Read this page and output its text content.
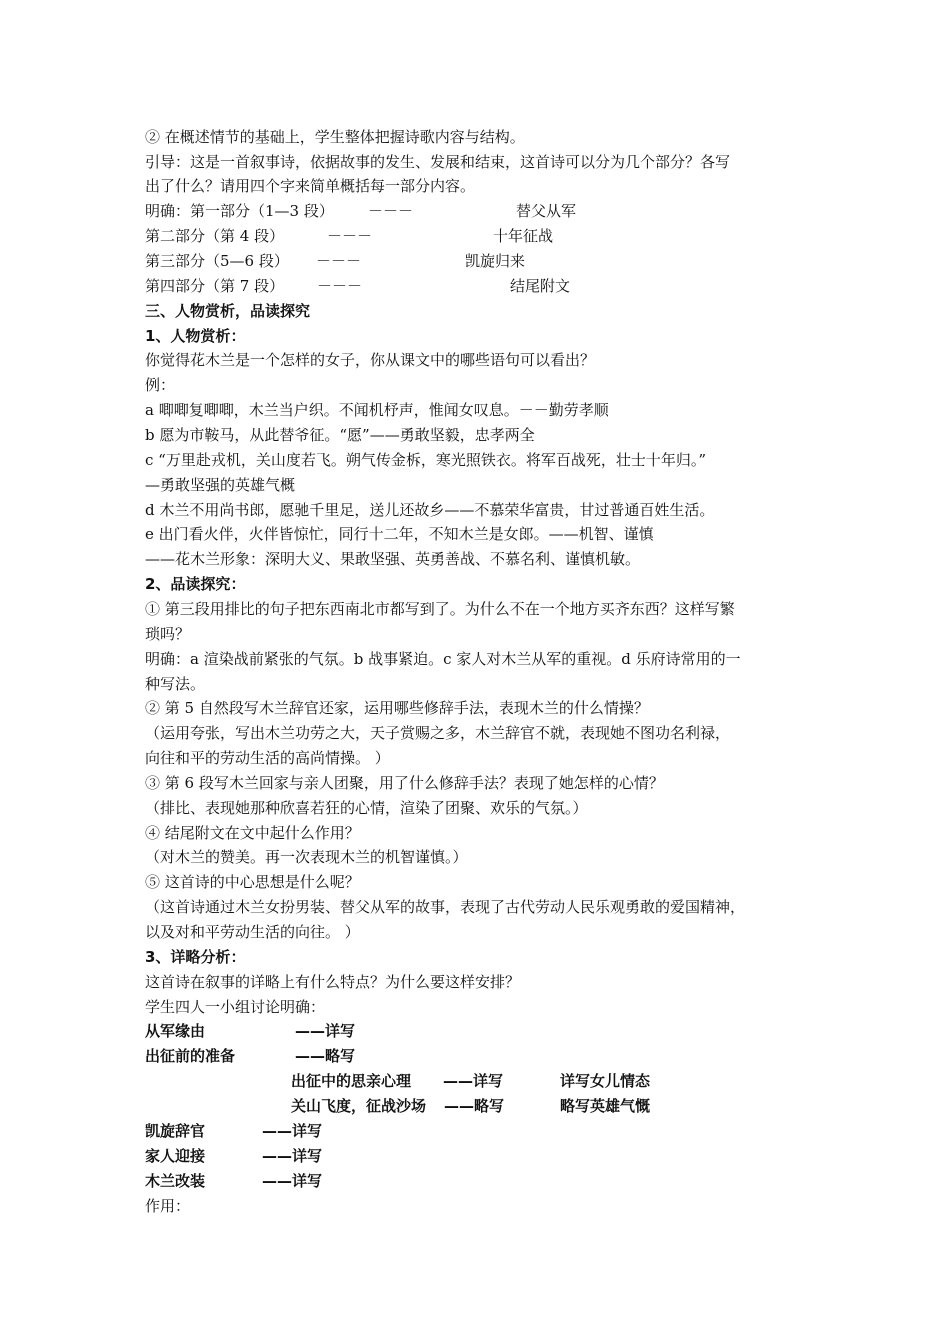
② 在概述情节的基础上，学生整体把握诗歌内容与结构。
引导：这是一首叙事诗，依据故事的发生、发展和结束，这首诗可以分为几个部分？各写
出了什么？请用四个字来简单概括每一部分内容。
明确：第一部分（1—3 段） －－－	替父从军
第二部分（第 4 段）	－－－	十年征战
第三部分（5—6 段） －－－	凯旋归来
第四部分（第 7 段） －－－	结尾附文
三、人物赏析，品读探究
1、人物赏析：
你觉得花木兰是一个怎样的女子，你从课文中的哪些语句可以看出？
例：
a 唧唧复唧唧，木兰当户织。不闻机杼声，惟闻女叹息。－－勤劳孝顺
b 愿为市鞍马，从此替爷征。“愿”——勇敢坚毅，忠孝两全
c “万里赴戎机，关山度若飞。朔气传金柝，寒光照铁衣。将军百战死，壮士十年归。”
—勇敢坚强的英雄气概
d 木兰不用尚书郎，愿驰千里足，送儿还故乡——不慕荣华富贵，甘过普通百姓生活。
e 出门看火伴，火伴皆惊忙，同行十二年，不知木兰是女郎。——机智、谨慎
——花木兰形象：深明大义、果敢坚强、英勇善战、不慕名利、谨慎机敏。
2、品读探究：
① 第三段用排比的句子把东西南北市都写到了。为什么不在一个地方买齐东西？这样写繁
琐吗？
明确：a 渲染战前紧张的气氛。b 战事紧迫。c 家人对木兰从军的重视。d 乐府诗常用的一
种写法。
② 第 5 自然段写木兰辞官还家，运用哪些修辞手法，表现木兰的什么情操？
（运用夸张，写出木兰功劳之大，天子赏赐之多，木兰辞官不就，表现她不图功名利禄，
向往和平的劳动生活的高尚情操。 ）
③ 第 6 段写木兰回家与亲人团聚，用了什么修辞手法？表现了她怎样的心情？
（排比、表现她那种欣喜若狂的心情，渲染了团聚、欢乐的气氛。）
④ 结尾附文在文中起什么作用？
（对木兰的赞美。再一次表现木兰的机智谨慎。）
⑤ 这首诗的中心思想是什么呢？
（这首诗通过木兰女扮男装、替父从军的故事，表现了古代劳动人民乐观勇敢的爱国精神，
以及对和平劳动生活的向往。 ）
3、详略分析：
这首诗在叙事的详略上有什么特点？为什么要这样安排？
学生四人一小组讨论明确：
从军缘由	——详写
出征前的准备	——略写
出征中的思亲心理 ——详写	详写女儿情态
关山飞度，征战沙场 ——略写	略写英雄气慨
凯旋辞官	——详写
家人迎接	——详写
木兰改装	——详写
作用：
